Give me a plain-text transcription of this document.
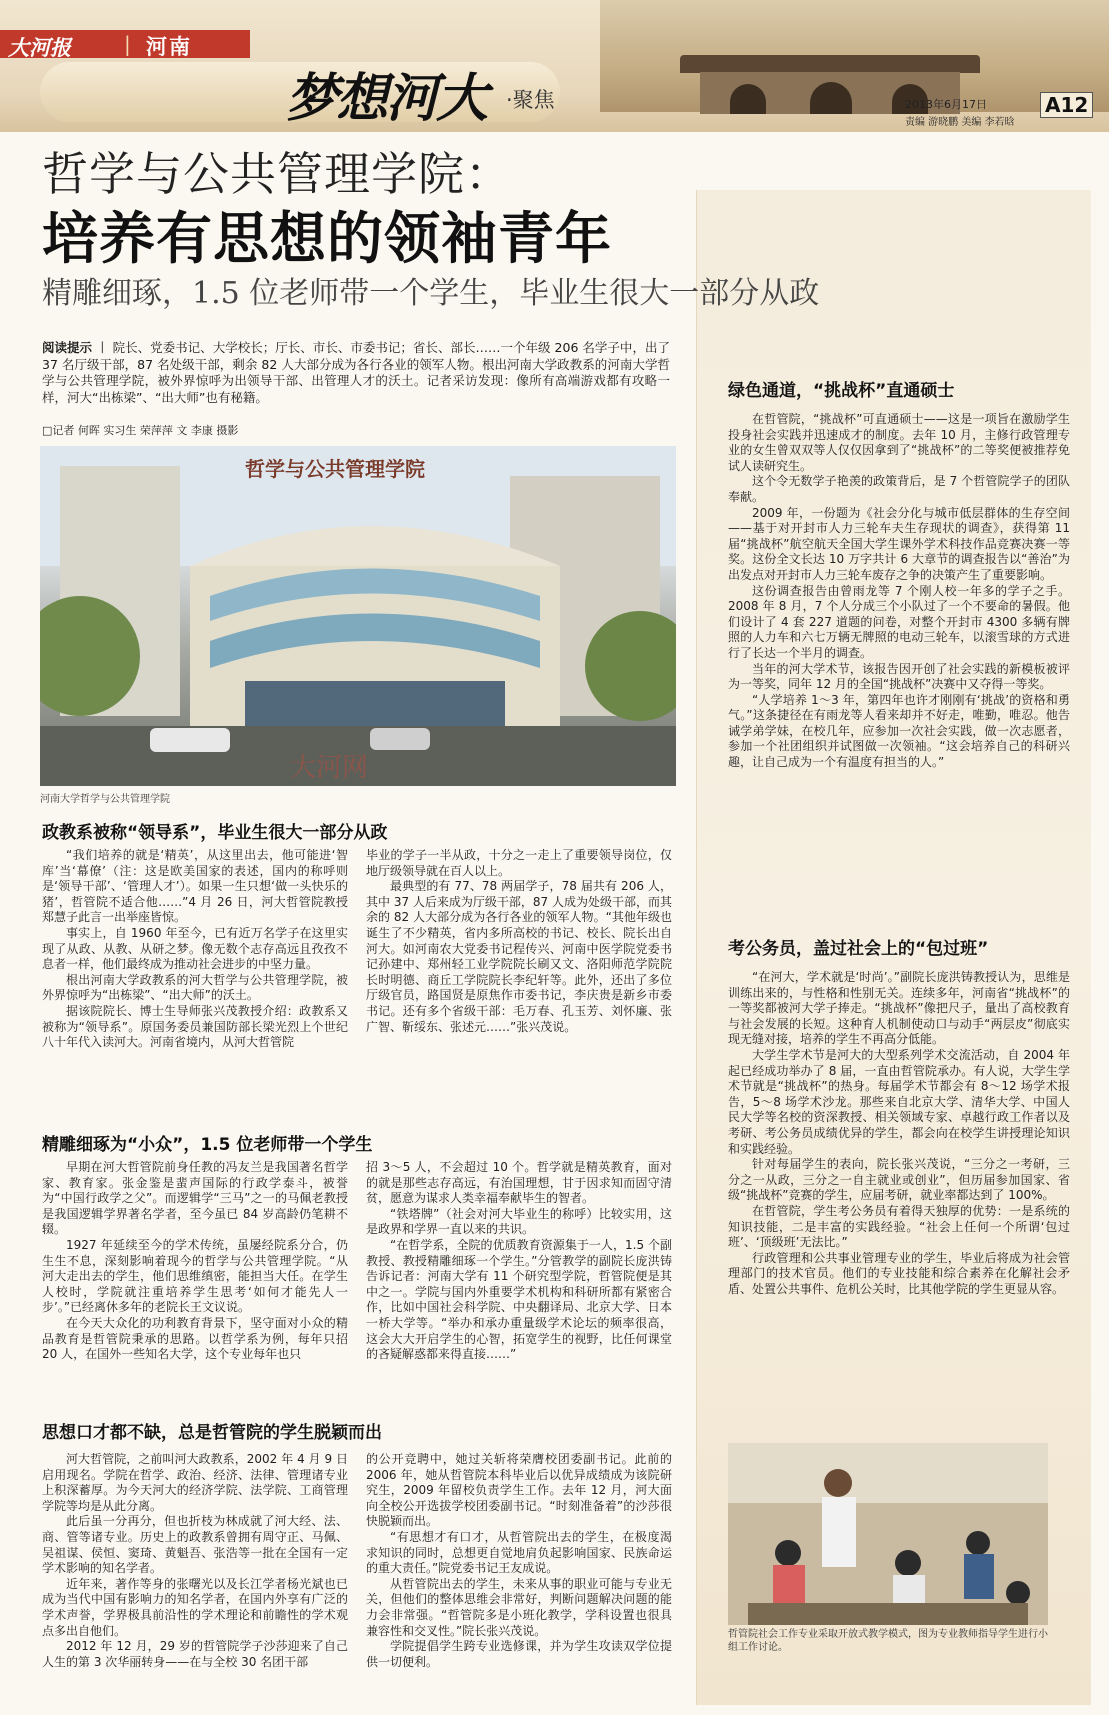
大河报	| 河南
梦想河大 ·聚焦	2013年6月17日	A12
责编 游晓鹏 美编 李若晗
哲学与公共管理学院：
培养有思想的领袖青年
精雕细琢，1.5 位老师带一个学生，毕业生很大一部分从政
阅读提示 丨 院长、党委书记、大学校长；厅长、市长、市委书记；省长、部长……一个年级 206 名学子中，出了 37 名厅级干部，87 名处级干部，剩余 82 人大部分成为各行各业的领军人物。根出河南大学政教系的河南大学哲学与公共管理学院，被外界惊呼为出领导干部、出管理人才的沃土。记者采访发现：像所有高端游戏都有攻略一样，河大“出栋梁”、“出大师”也有秘籍。
□记者 何晖 实习生 荣萍萍 文 李康 摄影
哲学与公共管理学院
大河网
河南大学哲学与公共管理学院
政教系被称“领导系”，毕业生很大一部分从政

“我们培养的就是‘精英’，从这里出去，他可能进‘智库’当‘幕僚’（注：这是欧美国家的表述，国内的称呼则是‘领导干部’、‘管理人才’）。如果一生只想‘做一头快乐的猪’，哲管院不适合他……”4 月 26 日，河大哲管院教授郑慧子此言一出举座皆惊。

事实上，自 1960 年至今，已有近万名学子在这里实现了从政、从教、从研之梦。像无数个志存高远且孜孜不息者一样，他们最终成为推动社会进步的中坚力量。

根出河南大学政教系的河大哲学与公共管理学院，被外界惊呼为“出栋梁”、“出大师”的沃土。

据该院院长、博士生导师张兴茂教授介绍：政教系又被称为“领导系”。原国务委员兼国防部长梁光烈上个世纪八十年代入读河大。河南省境内，从河大哲管院

毕业的学子一半从政，十分之一走上了重要领导岗位，仅地厅级领导就在百人以上。

最典型的有 77、78 两届学子，78 届共有 206 人，其中 37 人后来成为厅级干部，87 人成为处级干部，而其余的 82 人大部分成为各行各业的领军人物。“其他年级也诞生了不少精英，省内多所高校的书记、校长、院长出自河大。如河南农大党委书记程传兴、河南中医学院党委书记孙建中、郑州轻工业学院院长刷又文、洛阳师范学院院长时明德、商丘工学院院长李纪轩等。此外，还出了多位厅级官员，路国贤是原焦作市委书记，李庆贵是新乡市委书记。还有多个省级干部：毛万春、孔玉芳、刘怀廉、张广智、靳绥东、张述元……”张兴茂说。

精雕细琢为“小众”，1.5 位老师带一个学生

早期在河大哲管院前身任教的冯友兰是我国著名哲学家、教育家。张金鉴是蜚声国际的行政学泰斗，被誉为“中国行政学之父”。而逻辑学“三马”之一的马佩老教授是我国逻辑学界著名学者，至今虽已 84 岁高龄仍笔耕不辍。

1927 年延续至今的学术传统，虽屡经院系分合，仍生生不息，深刻影响着现今的哲学与公共管理学院。“从河大走出去的学生，他们思维缜密，能担当大任。在学生人校时，学院就注重培养学生思考‘如何才能先人一步’。”已经离休多年的老院长王文议说。

在今天大众化的功利教育背景下，坚守面对小众的精品教育是哲管院秉承的思路。以哲学系为例，每年只招 20 人，在国外一些知名大学，这个专业每年也只

招 3～5 人，不会超过 10 个。哲学就是精英教育，面对的就是那些志存高远，有治国理想，甘于因求知而固守清贫，愿意为谋求人类幸福奉献毕生的智者。

“铁塔牌”（社会对河大毕业生的称呼）比较实用，这是政界和学界一直以来的共识。

“在哲学系，全院的优质教育资源集于一人，1.5 个副教授、教授精雕细琢一个学生。”分管教学的副院长庞洪铸告诉记者：河南大学有 11 个研究型学院，哲管院便是其中之一。学院与国内外重要学术机构和科研所都有紧密合作，比如中国社会科学院、中央翻译局、北京大学、日本一桥大学等。“举办和承办重量级学术论坛的频率很高，这会大大开启学生的心智，拓宽学生的视野，比任何课堂的吝疑解惑都来得直接……”

思想口才都不缺，总是哲管院的学生脱颖而出

河大哲管院，之前叫河大政教系，2002 年 4 月 9 日启用现名。学院在哲学、政治、经济、法律、管理诸专业上积深蓄厚。为今天河大的经济学院、法学院、工商管理学院等均是从此分离。

此后虽一分再分，但也折枝为林成就了河大经、法、商、管等诸专业。历史上的政教系曾拥有周守正、马佩、吴祖谋、侯恒、窦琦、黄魁吾、张浩等一批在全国有一定学术影响的知名学者。

近年来，著作等身的张曙光以及长江学者杨光斌也已成为当代中国有影响力的知名学者，在国内外享有广泛的学术声誉，学界极具前沿性的学术理论和前瞻性的学术观点多出自他们。

2012 年 12 月，29 岁的哲管院学子沙莎迎来了自己人生的第 3 次华丽转身——在与全校 30 名团干部

的公开竞聘中，她过关斩将荣膺校团委副书记。此前的 2006 年，她从哲管院本科毕业后以优异成绩成为该院研究生，2009 年留校负责学生工作。去年 12 月，河大面向全校公开选拔学校团委副书记。“时刻准备着”的沙莎很快脱颖而出。

“有思想才有口才，从哲管院出去的学生，在极度渴求知识的同时，总想更自觉地肩负起影响国家、民族命运的重大责任。”院党委书记王友成说。

从哲管院出去的学生，未来从事的职业可能与专业无关，但他们的整体思维会非常好，判断问题解决问题的能力会非常强。“哲管院多是小班化教学，学科设置也很具兼容性和交叉性。”院长张兴茂说。

学院提倡学生跨专业选修课，并为学生攻读双学位提供一切便利。

绿色通道，“挑战杯”直通硕士

在哲管院，“挑战杯”可直通硕士——这是一项旨在激励学生投身社会实践并迅速成才的制度。去年 10 月，主修行政管理专业的女生曾双双等人仅仅因拿到了“挑战杯”的二等奖便被推荐免试人读研究生。

这个令无数学子艳羡的政策背后，是 7 个哲管院学子的团队奉献。

2009 年，一份题为《社会分化与城市低层群体的生存空间——基于对开封市人力三轮车夫生存现状的调查》，获得第 11 届“挑战杯”航空航天全国大学生课外学术科技作品竞赛决赛一等奖。这份全文长达 10 万字共计 6 大章节的调查报告以“善治”为出发点对开封市人力三轮车废存之争的决策产生了重要影响。

这份调查报告由曾雨龙等 7 个刚人校一年多的学子之手。2008 年 8 月，7 个人分成三个小队过了一个不要命的暑假。他们设计了 4 套 227 道题的问卷，对整个开封市 4300 多辆有牌照的人力车和六七万辆无牌照的电动三轮车，以滚雪球的方式进行了长达一个半月的调查。

当年的河大学术节，该报告因开创了社会实践的新模板被评为一等奖，同年 12 月的全国“挑战杯”决赛中又夺得一等奖。

“人学培养 1～3 年，第四年也许才刚刚有‘挑战’的资格和勇气。”这条捷径在有雨龙等人看来却并不好走，唯勤，唯忍。他告诫学弟学妹，在校几年，应参加一次社会实践，做一次志愿者，参加一个社团组织并试图做一次领袖。“这会培养自己的科研兴趣，让自己成为一个有温度有担当的人。”

考公务员，盖过社会上的“包过班”

“在河大，学术就是‘时尚’。”副院长庞洪铸教授认为，思维是训练出来的，与性格和性别无关。连续多年，河南省“挑战杯”的一等奖都被河大学子捧走。“挑战杯”像把尺子，量出了高校教育与社会发展的长短。这种育人机制使动口与动手“两层皮”彻底实现无缝对接，培养的学生不再高分低能。

大学生学术节是河大的大型系列学术交流活动，自 2004 年起已经成功举办了 8 届，一直由哲管院承办。有人说，大学生学术节就是“挑战杯”的热身。每届学术节都会有 8～12 场学术报告，5～8 场学术沙龙。那些来自北京大学、清华大学、中国人民大学等名校的资深教授、相关领域专家、卓越行政工作者以及考研、考公务员成绩优异的学生，都会向在校学生讲授理论知识和实践经验。

针对每届学生的表向，院长张兴茂说，“三分之一考研，三分之一从政，三分之一自主就业或创业”，但历届参加国家、省级“挑战杯”竞赛的学生，应届考研，就业率都达到了 100%。

在哲管院，学生考公务员有着得天独厚的优势：一是系统的知识技能，二是丰富的实践经验。“社会上任何一个所谓‘包过班’、‘顶级班’无法比。”

行政管理和公共事业管理专业的学生，毕业后将成为社会管理部门的技术官员。他们的专业技能和综合素养在化解社会矛盾、处置公共事件、危机公关时，比其他学院的学生更显从容。

哲管院社会工作专业采取开放式教学模式，图为专业教师指导学生进行小组工作讨论。
